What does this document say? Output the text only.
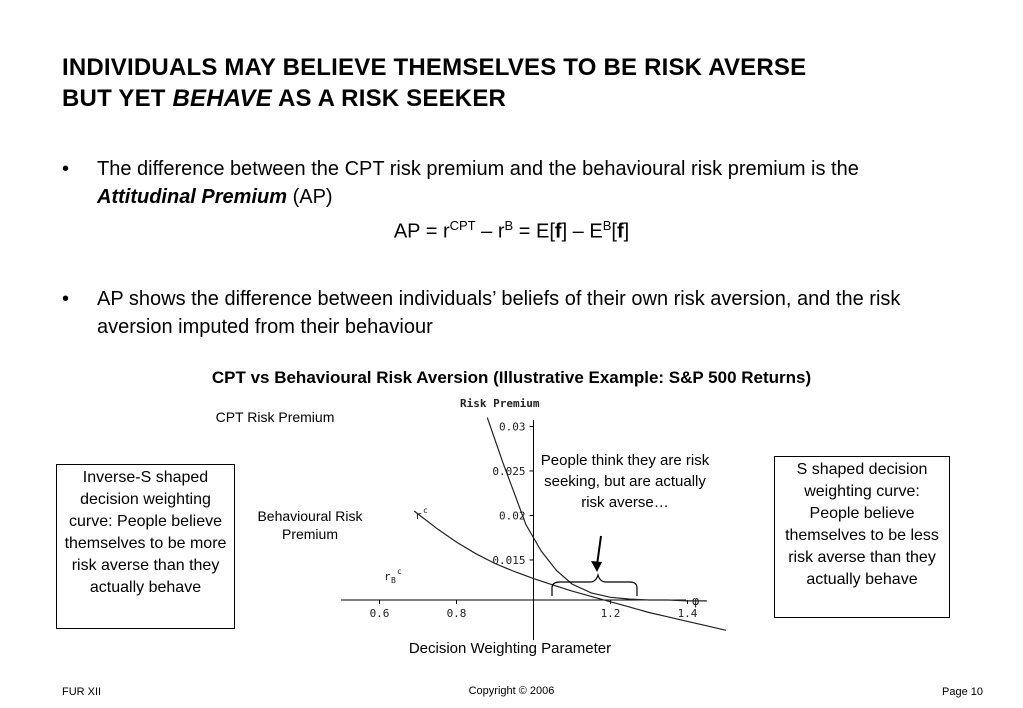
INDIVIDUALS MAY BELIEVE THEMSELVES TO BE RISK AVERSE
BUT YET BEHAVE AS A RISK SEEKER
• The difference between the CPT risk premium and the behavioural risk premium is the Attitudinal Premium (AP)
AP = $r^{CPT} - r^B = E[f] - E^B[f]$
• AP shows the difference between individuals’ beliefs of their own risk aversion, and the risk aversion imputed from their behaviour
CPT vs Behavioural Risk Aversion (Illustrative Example: S&P 500 Returns)
CPT Risk Premium
Behavioural Risk Premium
People think they are risk seeking, but are actually risk averse…
Decision Weighting Parameter
Inverse-S shaped decision weighting curve: People believe themselves to be more risk averse than they actually behave
S shaped decision weighting curve: People believe themselves to be less risk averse than they actually behave
Risk Premium
φ
0.03
0.025
0.02
0.015
0.6	0.8	1.2	1.4
r c
r B
c
FUR XII	Copyright © 2006	Page 10
